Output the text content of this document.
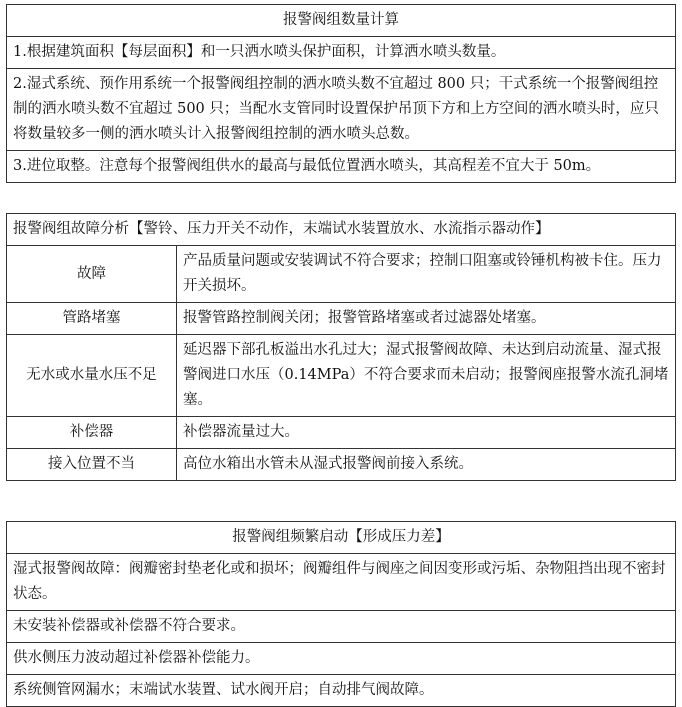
报警阀组数量计算
1.根据建筑面积【每层面积】和一只洒水喷头保护面积，计算洒水喷头数量。
2.湿式系统、预作用系统一个报警阀组控制的洒水喷头数不宜超过 800 只；干式系统一个报警阀组控制的洒水喷头数不宜超过 500 只；当配水支管同时设置保护吊顶下方和上方空间的洒水喷头时，应只将数量较多一侧的洒水喷头计入报警阀组控制的洒水喷头总数。
3.进位取整。注意每个报警阀组供水的最高与最低位置洒水喷头，其高程差不宜大于 50m。
报警阀组故障分析【警铃、压力开关不动作，末端试水装置放水、水流指示器动作】	
故障	产品质量问题或安装调试不符合要求；控制口阻塞或铃锤机构被卡住。压力开关损坏。
管路堵塞	报警管路控制阀关闭；报警管路堵塞或者过滤器处堵塞。
无水或水量水压不足	延迟器下部孔板溢出水孔过大；湿式报警阀故障、未达到启动流量、湿式报警阀进口水压（0.14MPa）不符合要求而未启动；报警阀座报警水流孔洞堵塞。
补偿器	补偿器流量过大。
接入位置不当	高位水箱出水管未从湿式报警阀前接入系统。
报警阀组频繁启动【形成压力差】
湿式报警阀故障：阀瓣密封垫老化或和损坏；阀瓣组件与阀座之间因变形或污垢、杂物阻挡出现不密封状态。
未安装补偿器或补偿器不符合要求。
供水侧压力波动超过补偿器补偿能力。
系统侧管网漏水；末端试水装置、试水阀开启；自动排气阀故障。
